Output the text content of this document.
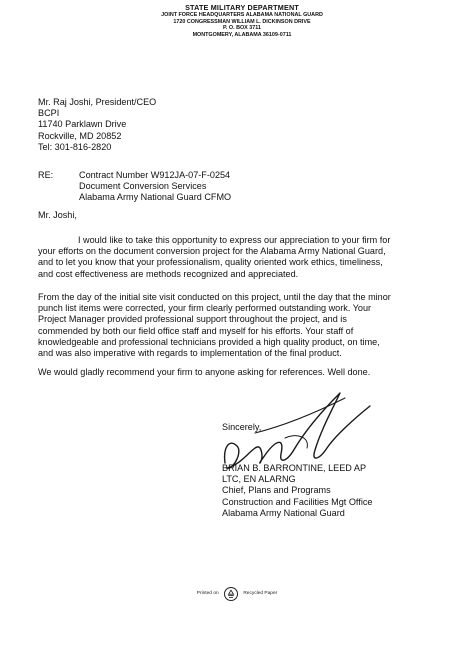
STATE MILITARY DEPARTMENT
JOINT FORCE HEADQUARTERS ALABAMA NATIONAL GUARD
1720 CONGRESSMAN WILLIAM L. DICKINSON DRIVE
P. O. BOX 3711
MONTGOMERY, ALABAMA 36109-0711
Mr. Raj Joshi, President/CEO
BCPI
11740 Parklawn Drive
Rockville, MD 20852
Tel: 301-816-2820
RE:	Contract Number W912JA-07-F-0254
Document Conversion Services
Alabama Army National Guard CFMO
Mr. Joshi,
I would like to take this opportunity to express our appreciation to your firm for
your efforts on the document conversion project for the Alabama Army National Guard,
and to let you know that your professionalism, quality oriented work ethics, timeliness,
and cost effectiveness are methods recognized and appreciated.
From the day of the initial site visit conducted on this project, until the day that the minor
punch list items were corrected, your firm clearly performed outstanding work. Your
Project Manager provided professional support throughout the project, and is
commended by both our field office staff and myself for his efforts. Your staff of
knowledgeable and professional technicians provided a high quality product, on time,
and was also imperative with regards to implementation of the final product.
We would gladly recommend your firm to anyone asking for references. Well done.
Sincerely,
BRIAN B. BARRONTINE, LEED AP
LTC, EN ALARNG
Chief, Plans and Programs
Construction and Facilities Mgt Office
Alabama Army National Guard
Printed on	Recycled Paper
